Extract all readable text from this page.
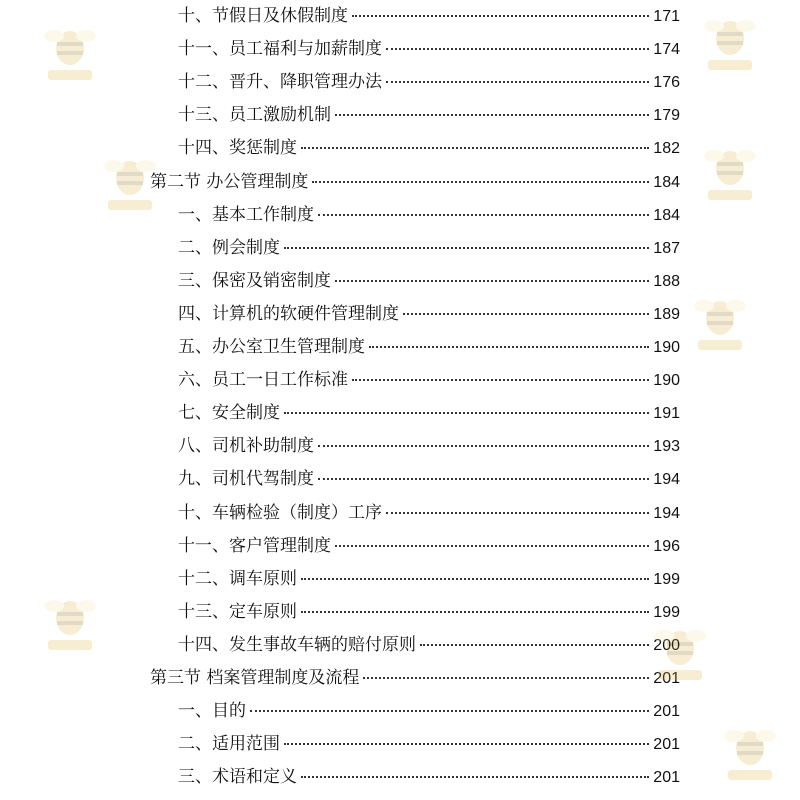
十、节假日及休假制度	171
十一、员工福利与加薪制度	174
十二、晋升、降职管理办法	176
十三、员工激励机制	179
十四、奖惩制度	182
第二节 办公管理制度	184
一、基本工作制度	184
二、例会制度	187
三、保密及销密制度	188
四、计算机的软硬件管理制度	189
五、办公室卫生管理制度	190
六、员工一日工作标准	190
七、安全制度	191
八、司机补助制度	193
九、司机代驾制度	194
十、车辆检验（制度）工序	194
十一、客户管理制度	196
十二、调车原则	199
十三、定车原则	199
十四、发生事故车辆的赔付原则	200
第三节 档案管理制度及流程	201
一、目的	201
二、适用范围	201
三、术语和定义	201
